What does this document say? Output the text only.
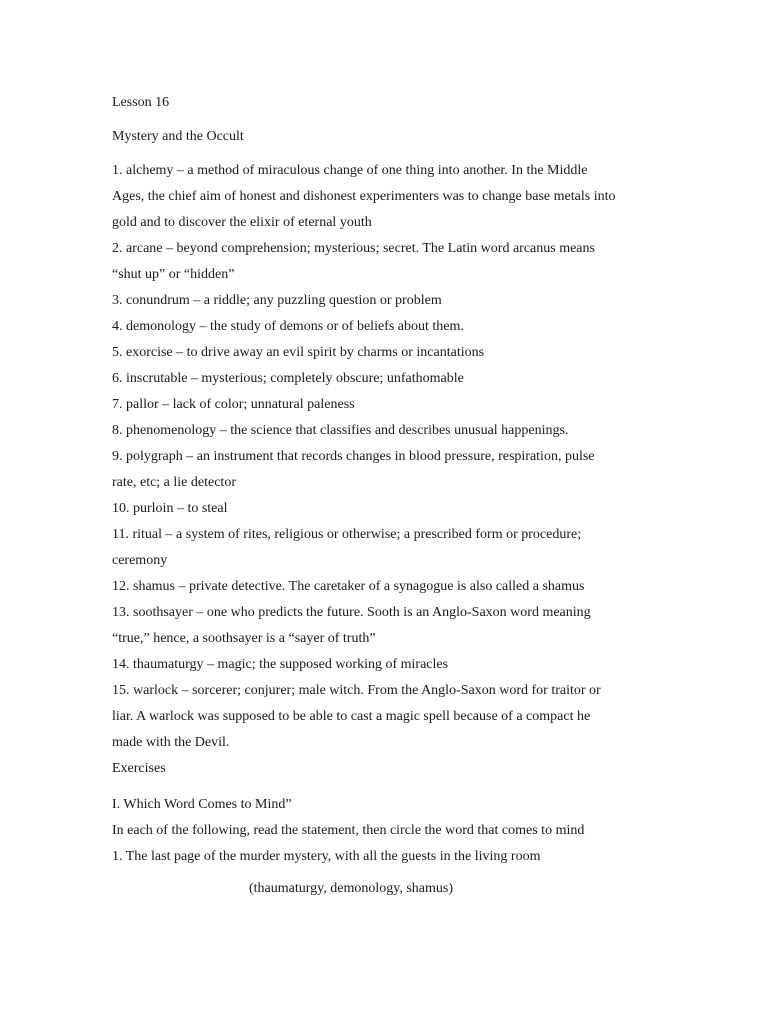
Lesson 16
Mystery and the Occult
1. alchemy – a method of miraculous change of one thing into another. In the Middle
Ages, the chief aim of honest and dishonest experimenters was to change base metals into
gold and to discover the elixir of eternal youth
2. arcane – beyond comprehension; mysterious; secret. The Latin word arcanus means
“shut up” or “hidden”
3. conundrum – a riddle; any puzzling question or problem
4. demonology – the study of demons or of beliefs about them.
5. exorcise – to drive away an evil spirit by charms or incantations
6. inscrutable – mysterious; completely obscure; unfathomable
7. pallor – lack of color; unnatural paleness
8. phenomenology – the science that classifies and describes unusual happenings.
9. polygraph – an instrument that records changes in blood pressure, respiration, pulse
rate, etc; a lie detector
10. purloin – to steal
11. ritual – a system of rites, religious or otherwise; a prescribed form or procedure;
ceremony
12. shamus – private detective. The caretaker of a synagogue is also called a shamus
13. soothsayer – one who predicts the future. Sooth is an Anglo-Saxon word meaning
“true,” hence, a soothsayer is a “sayer of truth”
14. thaumaturgy – magic; the supposed working of miracles
15. warlock – sorcerer; conjurer; male witch. From the Anglo-Saxon word for traitor or
liar. A warlock was supposed to be able to cast a magic spell because of a compact he
made with the Devil.
Exercises
I. Which Word Comes to Mind”
In each of the following, read the statement, then circle the word that comes to mind
1. The last page of the murder mystery, with all the guests in the living room
(thaumaturgy, demonology, shamus)
